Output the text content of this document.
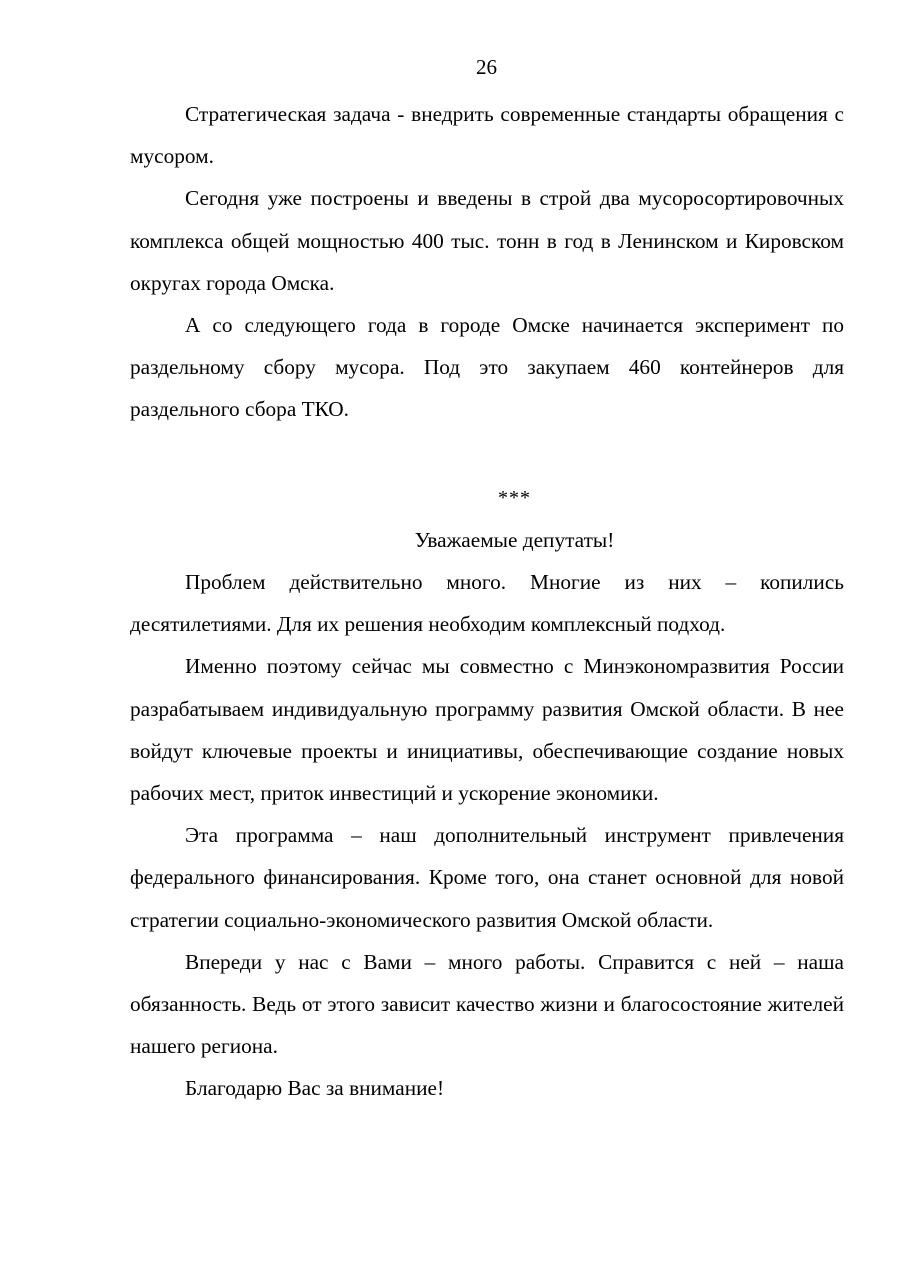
26

Стратегическая задача - внедрить современные стандарты обращения с мусором.

Сегодня уже построены и введены в строй два мусоросортировочных комплекса общей мощностью 400 тыс. тонн в год в Ленинском и Кировском округах города Омска.

А со следующего года в городе Омске начинается эксперимент по раздельному сбору мусора. Под это закупаем 460 контейнеров для раздельного сбора ТКО.

***

Уважаемые депутаты!

Проблем действительно много. Многие из них – копились десятилетиями. Для их решения необходим комплексный подход.

Именно поэтому сейчас мы совместно с Минэкономразвития России разрабатываем индивидуальную программу развития Омской области. В нее войдут ключевые проекты и инициативы, обеспечивающие создание новых рабочих мест, приток инвестиций и ускорение экономики.

Эта программа – наш дополнительный инструмент привлечения федерального финансирования. Кроме того, она станет основной для новой стратегии социально-экономического развития Омской области.

Впереди у нас с Вами – много работы. Справится с ней – наша обязанность. Ведь от этого зависит качество жизни и благосостояние жителей нашего региона.

Благодарю Вас за внимание!
